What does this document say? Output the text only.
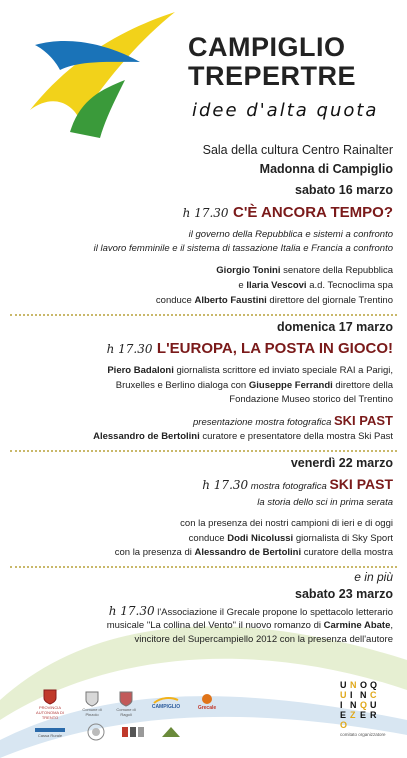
CAMPIGLIO
TREPERTRE
idee d'alta quota
Sala della cultura Centro Rainalter
Madonna di Campiglio
sabato 16 marzo
h 17.30 C'È ANCORA TEMPO?
il governo della Repubblica e sistemi a confronto
il lavoro femminile e il sistema di tassazione Italia e Francia a confronto
Giorgio Tonini senatore della Repubblica
e Ilaria Vescovi a.d. Tecnoclima spa
conduce Alberto Faustini direttore del giornale Trentino
domenica 17 marzo
h 17.30 L'EUROPA, LA POSTA IN GIOCO!
Piero Badaloni giornalista scrittore ed inviato speciale RAI a Parigi,
Bruxelles e Berlino dialoga con Giuseppe Ferrandi direttore della
Fondazione Museo storico del Trentino
presentazione mostra fotografica SKI PAST
Alessandro de Bertolini curatore e presentatore della mostra Ski Past
venerdì 22 marzo
h 17.30 mostra fotografica SKI PAST
la storia dello sci in prima serata
con la presenza dei nostri campioni di ieri e di oggi
conduce Dodi Nicolussi giornalista di Sky Sport
con la presenza di Alessandro de Bertolini curatore della mostra
e in più
sabato 23 marzo
h 17.30 l'Associazione il Grecale propone lo spettacolo letterario
musicale "La collina del Vento" il nuovo romanzo di Carmine Abate,
vincitore del Supercampiello 2012 con la presenza dell'autore
PROVINCIA AUTONOMA DI TRENTO
Comune di Pinzolo
Comune di Ragoli
CAMPIGLIO	Grecale
Cassa Rurale
U N O Q
U I N C
I N Q U
E Z E R
O
comitato organizzatore
